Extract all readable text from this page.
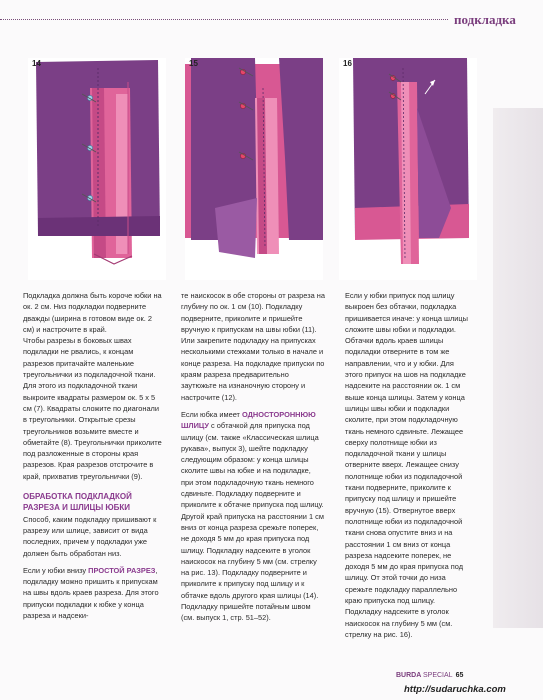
подкладка
14	15	16

Подкладка должна быть короче юбки на ок. 2 см. Низ подкладки подверните дважды (ширина в готовом виде ок. 2 см) и настрочите в край.

Чтобы разрезы в боковых швах подкладки не рвались, к концам разрезов притачайте маленькие треугольнички из подкладочной ткани. Для этого из подкладочной ткани выкроите квадраты размером ок. 5 x 5 см (7). Квадраты сложите по диагонали в треугольники. Открытые срезы треугольников возьмите вместе и обметайте (8). Треугольнички приколите под разложенные в стороны края разрезов. Края разрезов отстрочите в край, прихватив треугольнички (9).

ОБРАБОТКА ПОДКЛАДКОЙ РАЗРЕЗА И ШЛИЦЫ ЮБКИ

Способ, каким подкладку пришивают к разрезу или шлице, зависит от вида последних, причем у подкладки уже должен быть обработан низ.

Если у юбки внизу ПРОСТОЙ РАЗРЕЗ, подкладку можно пришить к припускам на швы вдоль краев разреза. Для этого припуски подкладки к юбке у конца разреза и надсеки-

те наискосок в обе стороны от разреза на глубину по ок. 1 см (10). Подкладку подверните, приколите и пришейте вручную к припускам на швы юбки (11). Или закрепите подкладку на припусках несколькими стежками только в начале и конце разреза. На подкладке припуски по краям разреза предварительно заутюжьте на изнаночную сторону и настрочите (12).

Если юбка имеет ОДНОСТОРОННЮЮ ШЛИЦУ с обтачкой для припуска под шлицу (см. также «Классическая шлица рукава», выпуск 3), шейте подкладку следующим образом: у конца шлицы сколите швы на юбке и на подкладке, при этом подкладочную ткань немного сдвиньте. Подкладку подверните и приколите к обтачке припуска под шлицу. Другой край припуска на расстоянии 1 см вниз от конца разреза срежьте поперек, не доходя 5 мм до края припуска под шлицу. Подкладку надсеките в уголок наискосок на глубину 5 мм (см. стрелку на рис. 13). Подкладку подверните и приколите к припуску под шлицу и к обтачке вдоль другого края шлицы (14). Подкладку пришейте потайным швом (см. выпуск 1, стр. 51–52).

Если у юбки припуск под шлицу выкроен без обтачки, подкладка пришивается иначе: у конца шлицы сложите швы юбки и подкладки. Обтачки вдоль краев шлицы подкладки отверните в том же направлении, что и у юбки. Для этого припуск на шов на подкладке надсеките на расстоянии ок. 1 см выше конца шлицы. Затем у конца шлицы швы юбки и подкладки сколите, при этом подкладочную ткань немного сдвиньте. Лежащее сверху полотнище юбки из подкладочной ткани у шлицы отверните вверх. Лежащее снизу полотнище юбки из подкладочной ткани подверните, приколите к припуску под шлицу и пришейте вручную (15). Отвернутое вверх полотнище юбки из подкладочной ткани снова опустите вниз и на расстоянии 1 см вниз от конца разреза надсеките поперек, не доходя 5 мм до края припуска под шлицу. От этой точки до низа срежьте подкладку параллельно краю припуска под шлицу. Подкладку надсеките в уголок наискосок на глубину 5 мм (см. стрелку на рис. 16).

BURDA SPECIAL 65
http://sudaruchka.com
